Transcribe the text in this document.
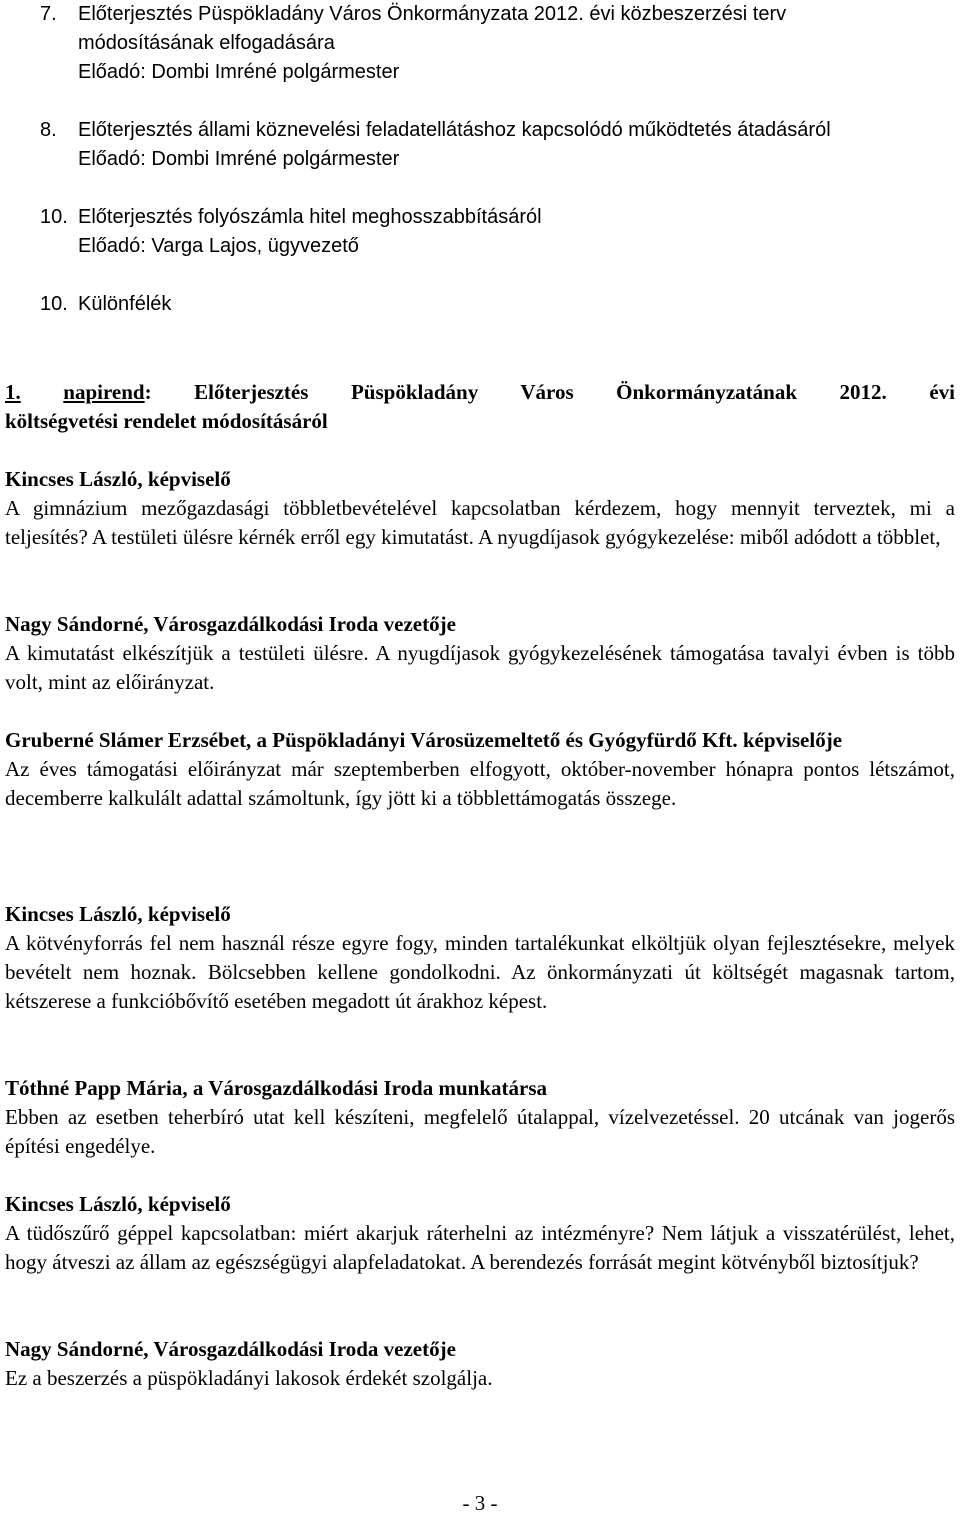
7. Előterjesztés Püspökladány Város Önkormányzata 2012. évi közbeszerzési terv
módosításának elfogadására
Előadó: Dombi Imréné polgármester
8. Előterjesztés állami köznevelési feladatellátáshoz kapcsolódó működtetés átadásáról
Előadó: Dombi Imréné polgármester
10. Előterjesztés folyószámla hitel meghosszabbításáról
Előadó: Varga Lajos, ügyvezető
10. Különfélék
1. napirend: Előterjesztés Püspökladány Város Önkormányzatának 2012. évi
költségvetési rendelet módosításáról
Kincses László, képviselő
A gimnázium mezőgazdasági többletbevételével kapcsolatban kérdezem, hogy mennyit terveztek, mi a teljesítés? A testületi ülésre kérnék erről egy kimutatást. A nyugdíjasok gyógykezelése: miből adódott a többlet,
Nagy Sándorné, Városgazdálkodási Iroda vezetője
A kimutatást elkészítjük a testületi ülésre. A nyugdíjasok gyógykezelésének támogatása tavalyi évben is több volt, mint az előirányzat.
Gruberné Slámer Erzsébet, a Püspökladányi Városüzemeltető és Gyógyfürdő Kft. képviselője
Az éves támogatási előirányzat már szeptemberben elfogyott, október-november hónapra pontos létszámot, decemberre kalkulált adattal számoltunk, így jött ki a többlettámogatás összege.
Kincses László, képviselő
A kötvényforrás fel nem használ része egyre fogy, minden tartalékunkat elköltjük olyan fejlesztésekre, melyek bevételt nem hoznak. Bölcsebben kellene gondolkodni. Az önkormányzati út költségét magasnak tartom, kétszerese a funkcióbővítő esetében megadott út árakhoz képest.
Tóthné Papp Mária, a Városgazdálkodási Iroda munkatársa
Ebben az esetben teherbíró utat kell készíteni, megfelelő útalappal, vízelvezetéssel. 20 utcának van jogerős építési engedélye.
Kincses László, képviselő
A tüdőszűrő géppel kapcsolatban: miért akarjuk ráterhelni az intézményre? Nem látjuk a visszatérülést, lehet, hogy átveszi az állam az egészségügyi alapfeladatokat. A berendezés forrását megint kötvényből biztosítjuk?
Nagy Sándorné, Városgazdálkodási Iroda vezetője
Ez a beszerzés a püspökladányi lakosok érdekét szolgálja.
- 3 -
